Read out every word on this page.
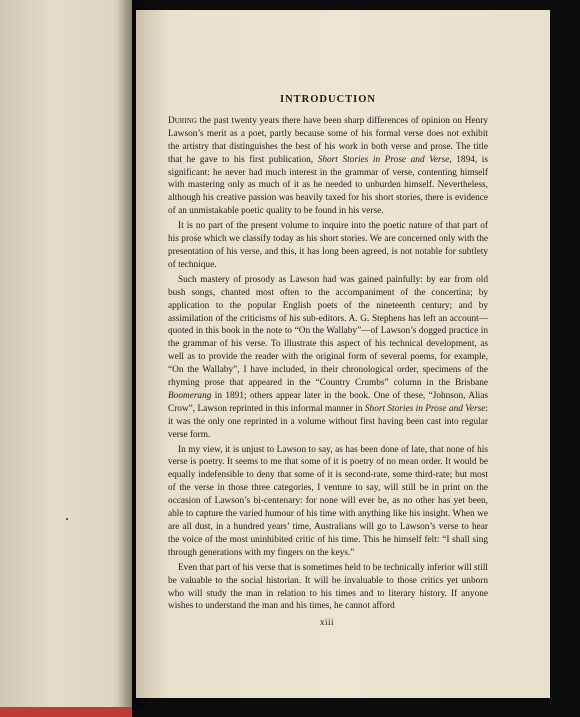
INTRODUCTION

During the past twenty years there have been sharp differences of opinion on Henry Lawson’s merit as a poet, partly because some of his formal verse does not exhibit the artistry that distinguishes the best of his work in both verse and prose. The title that he gave to his first publication, Short Stories in Prose and Verse, 1894, is significant: he never had much interest in the grammar of verse, contenting himself with mastering only as much of it as he needed to unburden himself. Nevertheless, although his creative passion was heavily taxed for his short stories, there is evidence of an unmistakable poetic quality to be found in his verse.

It is no part of the present volume to inquire into the poetic nature of that part of his prose which we classify today as his short stories. We are concerned only with the presentation of his verse, and this, it has long been agreed, is not notable for subtlety of technique.

Such mastery of prosody as Lawson had was gained painfully: by ear from old bush songs, chanted most often to the accompaniment of the concertina; by application to the popular English poets of the nineteenth century; and by assimilation of the criticisms of his sub-editors. A. G. Stephens has left an account—quoted in this book in the note to “On the Wallaby”—of Lawson’s dogged practice in the grammar of his verse. To illustrate this aspect of his technical development, as well as to provide the reader with the original form of several poems, for example, “On the Wallaby”, I have included, in their chronological order, specimens of the rhyming prose that appeared in the “Country Crumbs” column in the Brisbane Boomerang in 1891; others appear later in the book. One of these, “Johnson, Alias Crow”, Lawson reprinted in this informal manner in Short Stories in Prose and Verse: it was the only one reprinted in a volume without first having been cast into regular verse form.

In my view, it is unjust to Lawson to say, as has been done of late, that none of his verse is poetry. It seems to me that some of it is poetry of no mean order. It would be equally indefensible to deny that some of it is second-rate, some third-rate; but most of the verse in those three categories, I venture to say, will still be in print on the occasion of Lawson’s bi-centenary: for none will ever be, as no other has yet been, able to capture the varied humour of his time with anything like his insight. When we are all dust, in a hundred years’ time, Australians will go to Lawson’s verse to hear the voice of the most uninhibited critic of his time. This he himself felt: “I shall sing through generations with my fingers on the keys.”

Even that part of his verse that is sometimes held to be technically inferior will still be valuable to the social historian. It will be invaluable to those critics yet unborn who will study the man in relation to his times and to literary history. If anyone wishes to understand the man and his times, he cannot afford

xiii
